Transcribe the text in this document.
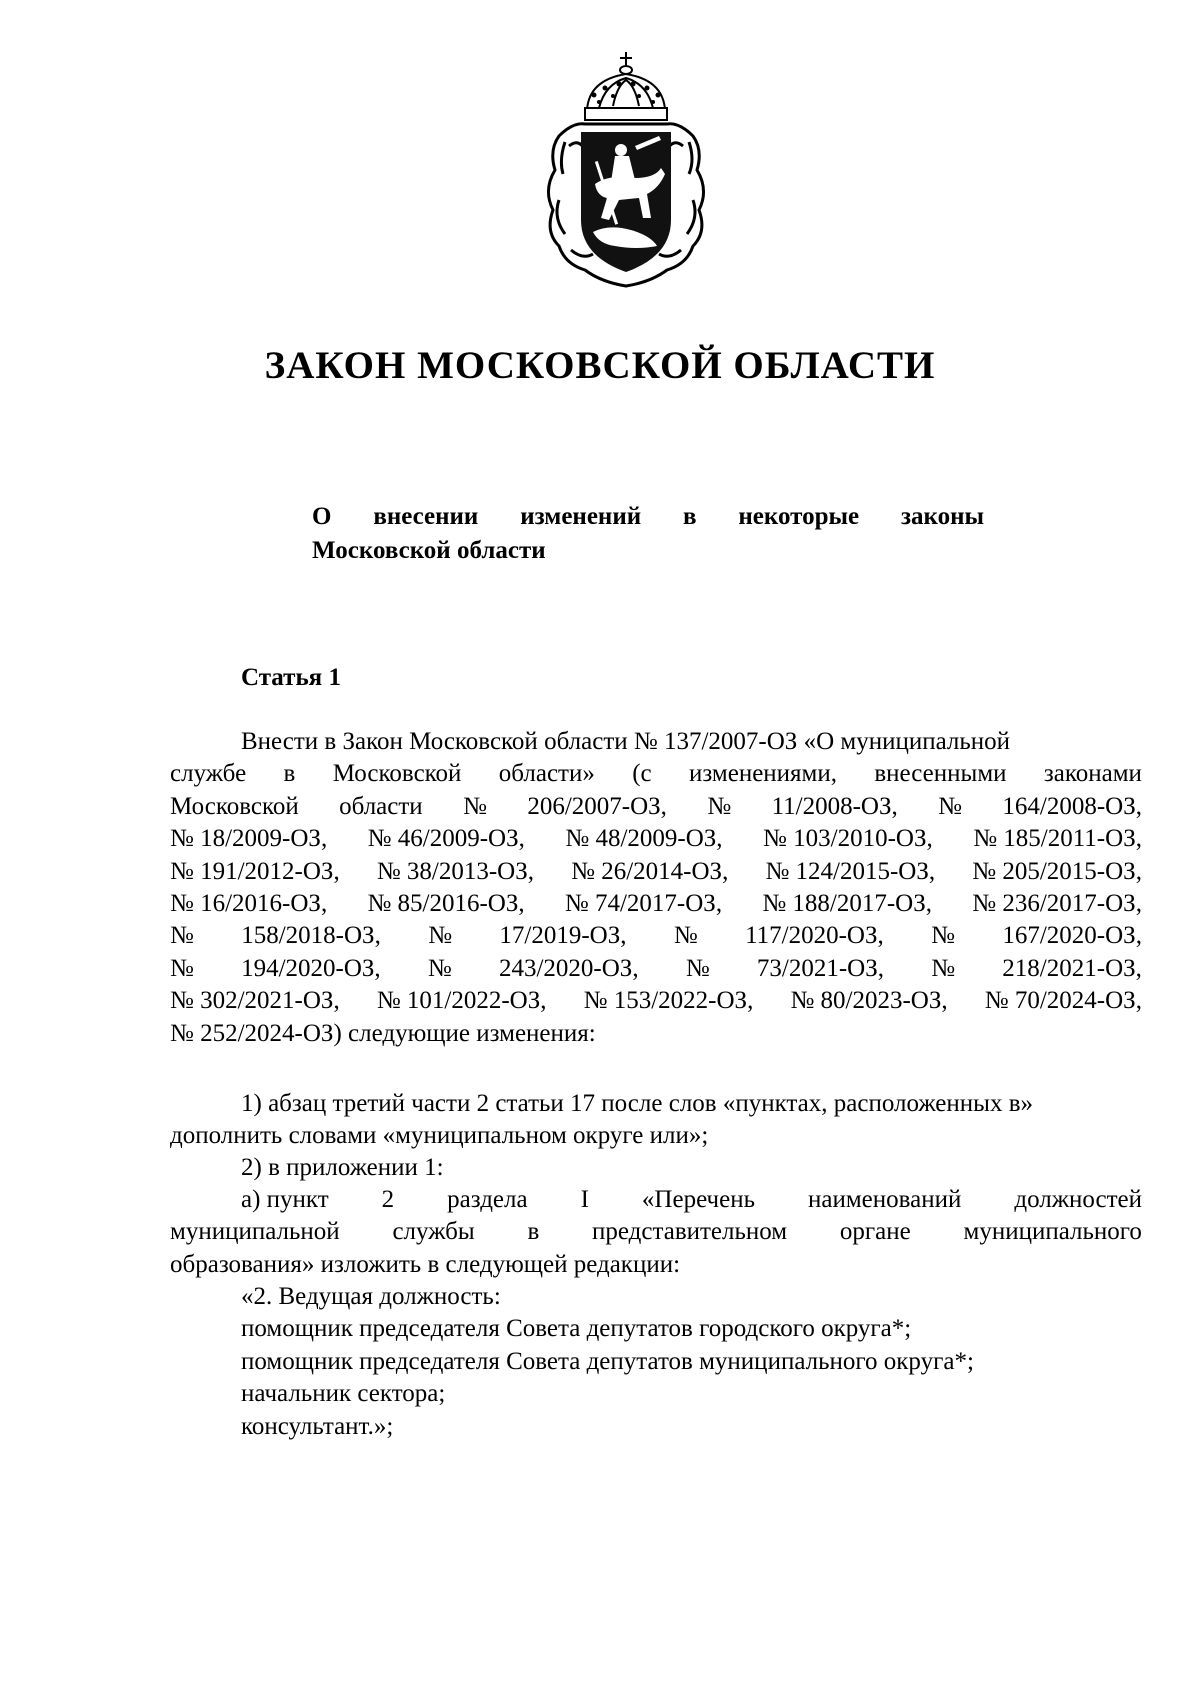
ЗАКОН МОСКОВСКОЙ ОБЛАСТИ
О внесении изменений в некоторые законы
Московской области
Статья 1
Внести в Закон Московской области № 137/2007-ОЗ «О муниципальной
службе в Московской области» (с изменениями, внесенными законами
Московской области № 206/2007-ОЗ, № 11/2008-ОЗ, № 164/2008-ОЗ,
№ 18/2009-ОЗ, № 46/2009-ОЗ, № 48/2009-ОЗ, № 103/2010-ОЗ, № 185/2011-ОЗ,
№ 191/2012-ОЗ, № 38/2013-ОЗ, № 26/2014-ОЗ, № 124/2015-ОЗ, № 205/2015-ОЗ,
№ 16/2016-ОЗ, № 85/2016-ОЗ, № 74/2017-ОЗ, № 188/2017-ОЗ, № 236/2017-ОЗ,
№ 158/2018-ОЗ, № 17/2019-ОЗ, № 117/2020-ОЗ, № 167/2020-ОЗ,
№ 194/2020-ОЗ, № 243/2020-ОЗ, № 73/2021-ОЗ, № 218/2021-ОЗ,
№ 302/2021-ОЗ, № 101/2022-ОЗ, № 153/2022-ОЗ, № 80/2023-ОЗ, № 70/2024-ОЗ,
№ 252/2024-ОЗ) следующие изменения:
1) абзац третий части 2 статьи 17 после слов «пунктах, расположенных в»
дополнить словами «муниципальном округе или»;
2) в приложении 1:
а) пункт 2 раздела I «Перечень наименований должностей
муниципальной службы в представительном органе муниципального
образования» изложить в следующей редакции:
«2. Ведущая должность:
помощник председателя Совета депутатов городского округа*;
помощник председателя Совета депутатов муниципального округа*;
начальник сектора;
консультант.»;
